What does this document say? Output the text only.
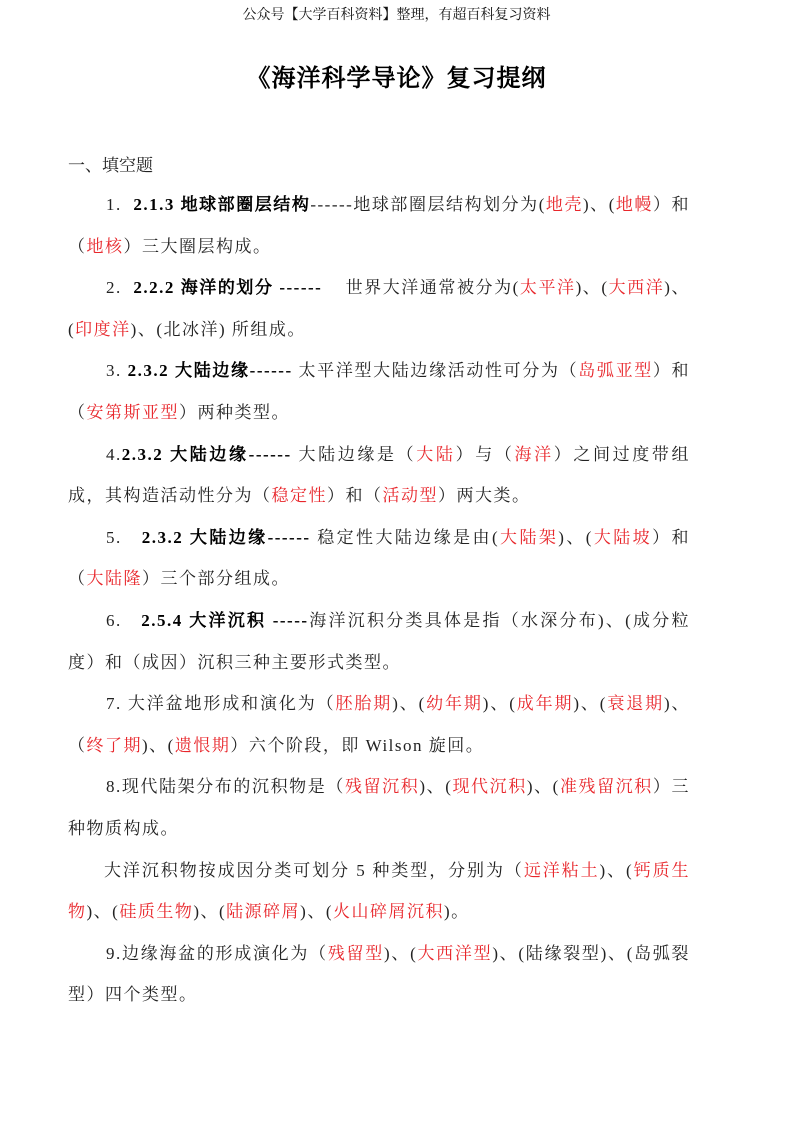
公众号【大学百科资料】整理，有超百科复习资料
《海洋科学导论》复习提纲
一、填空题

1.  2.1.3 地球部圈层结构------地球部圈层结构划分为(地壳)、(地幔）和（地核）三大圈层构成。

2.  2.2.2 海洋的划分 ------    世界大洋通常被分为(太平洋)、(大西洋)、(印度洋)、(北冰洋) 所组成。

3. 2.3.2 大陆边缘------ 太平洋型大陆边缘活动性可分为（岛弧亚型）和（安第斯亚型）两种类型。

4.2.3.2 大陆边缘------ 大陆边缘是（大陆）与（海洋）之间过度带组成，其构造活动性分为（稳定性）和（活动型）两大类。

5.   2.3.2 大陆边缘------ 稳定性大陆边缘是由(大陆架)、(大陆坡）和（大陆隆）三个部分组成。

6.   2.5.4 大洋沉积 -----海洋沉积分类具体是指（水深分布)、(成分粒度）和（成因）沉积三种主要形式类型。

7. 大洋盆地形成和演化为（胚胎期)、(幼年期)、(成年期)、(衰退期)、（终了期)、(遗恨期）六个阶段，即 Wilson 旋回。

8.现代陆架分布的沉积物是（残留沉积)、(现代沉积)、(准残留沉积）三种物质构成。

大洋沉积物按成因分类可划分 5 种类型，分别为（远洋粘土)、(钙质生物)、(硅质生物)、(陆源碎屑)、(火山碎屑沉积)。

9.边缘海盆的形成演化为（残留型)、(大西洋型)、(陆缘裂型)、(岛弧裂型）四个类型。
